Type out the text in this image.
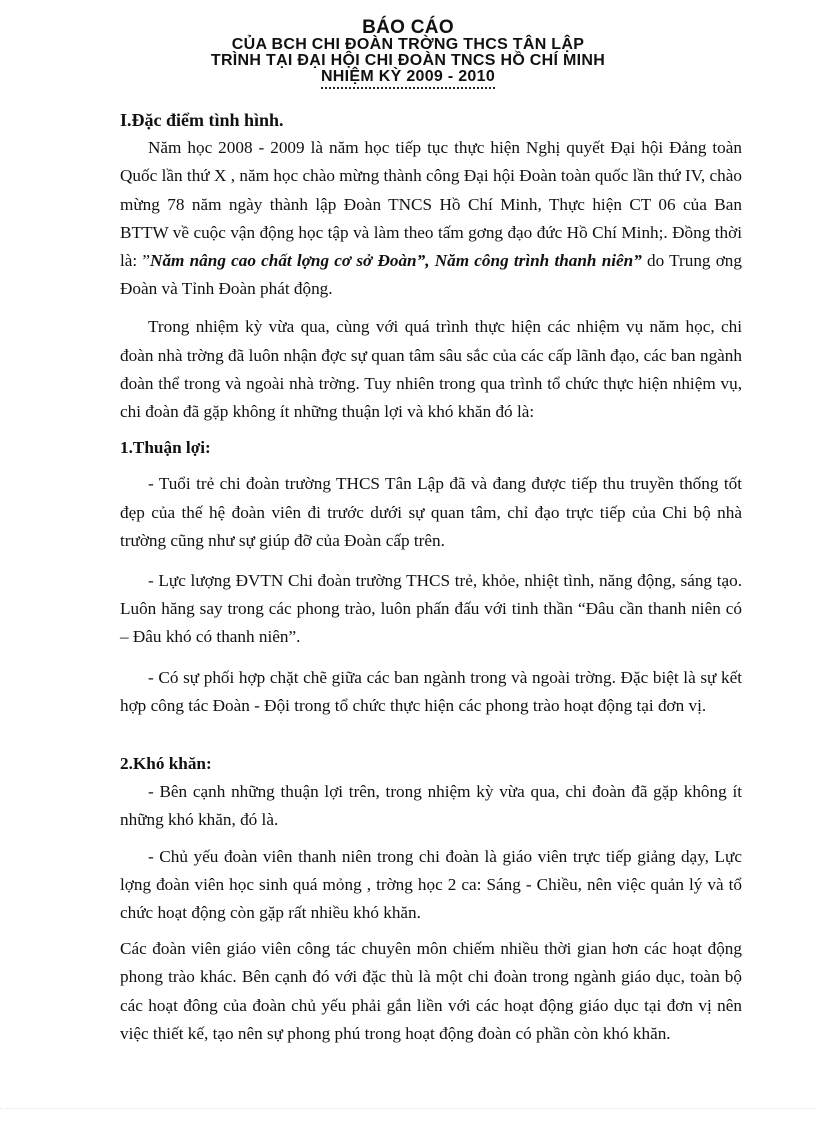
BÁO CÁO
CỦA BCH CHI ĐOÀN TRỜNG THCS TÂN LẬP
TRÌNH TẠI ĐẠI HỘI CHI ĐOÀN TNCS HỒ CHÍ MINH
NHIỆM KỲ 2009 - 2010

I.Đặc điểm tình hình.

Năm học 2008 - 2009 là năm học tiếp tục thực hiện Nghị quyết Đại hội Đảng toàn Quốc lần thứ X , năm học chào mừng thành công Đại hội Đoàn toàn quốc lần thứ IV, chào mừng 78 năm ngày thành lập Đoàn TNCS Hồ Chí Minh, Thực hiện CT 06 của Ban BTTW về cuộc vận động học tập và làm theo tấm gơng đạo đức Hồ Chí Minh;. Đồng thời là: ”Năm nâng cao chất lợng cơ sở Đoàn”, Năm công trình thanh niên” do Trung ơng Đoàn và Tỉnh Đoàn phát động.

Trong nhiệm kỳ vừa qua, cùng với quá trình thực hiện các nhiệm vụ năm học, chi đoàn nhà trờng đã luôn nhận đợc sự quan tâm sâu sắc của các cấp lãnh đạo, các ban ngành đoàn thể trong và ngoài nhà trờng. Tuy nhiên trong qua trình tổ chức thực hiện nhiệm vụ, chi đoàn đã gặp không ít những thuận lợi và khó khăn đó là:

1.Thuận lợi:

- Tuổi trẻ chi đoàn trường THCS Tân Lập đã và đang được tiếp thu truyền thống tốt đẹp của thế hệ đoàn viên đi trước dưới sự quan tâm, chỉ đạo trực tiếp của Chi bộ nhà trường cũng như sự giúp đỡ của Đoàn cấp trên.

- Lực lượng ĐVTN Chi đoàn trường THCS trẻ, khỏe, nhiệt tình, năng động, sáng tạo. Luôn hăng say trong các phong trào, luôn phấn đấu với tinh thần “Đâu cần thanh niên có – Đâu khó có thanh niên”.

- Có sự phối hợp chặt chẽ giữa các ban ngành trong và ngoài trờng. Đặc biệt là sự kết hợp công tác Đoàn - Đội trong tổ chức thực hiện các phong trào hoạt động tại đơn vị.

2.Khó khăn:

- Bên cạnh những thuận lợi trên, trong nhiệm kỳ vừa qua, chi đoàn đã gặp không ít những khó khăn, đó là.

- Chủ yếu đoàn viên thanh niên trong chi đoàn là giáo viên trực tiếp giảng dạy, Lực lợng đoàn viên học sinh quá mỏng , trờng học 2 ca: Sáng - Chiều, nên việc quản lý và tổ chức hoạt động còn gặp rất nhiều khó khăn.

Các đoàn viên giáo viên công tác chuyên môn chiếm nhiều thời gian hơn các hoạt động phong trào khác. Bên cạnh đó với đặc thù là một chi đoàn trong ngành giáo dục, toàn bộ các hoạt đông của đoàn chủ yếu phải gắn liền với các hoạt động giáo dục tại đơn vị nên việc thiết kế, tạo nên sự phong phú trong hoạt động đoàn có phần còn khó khăn.
